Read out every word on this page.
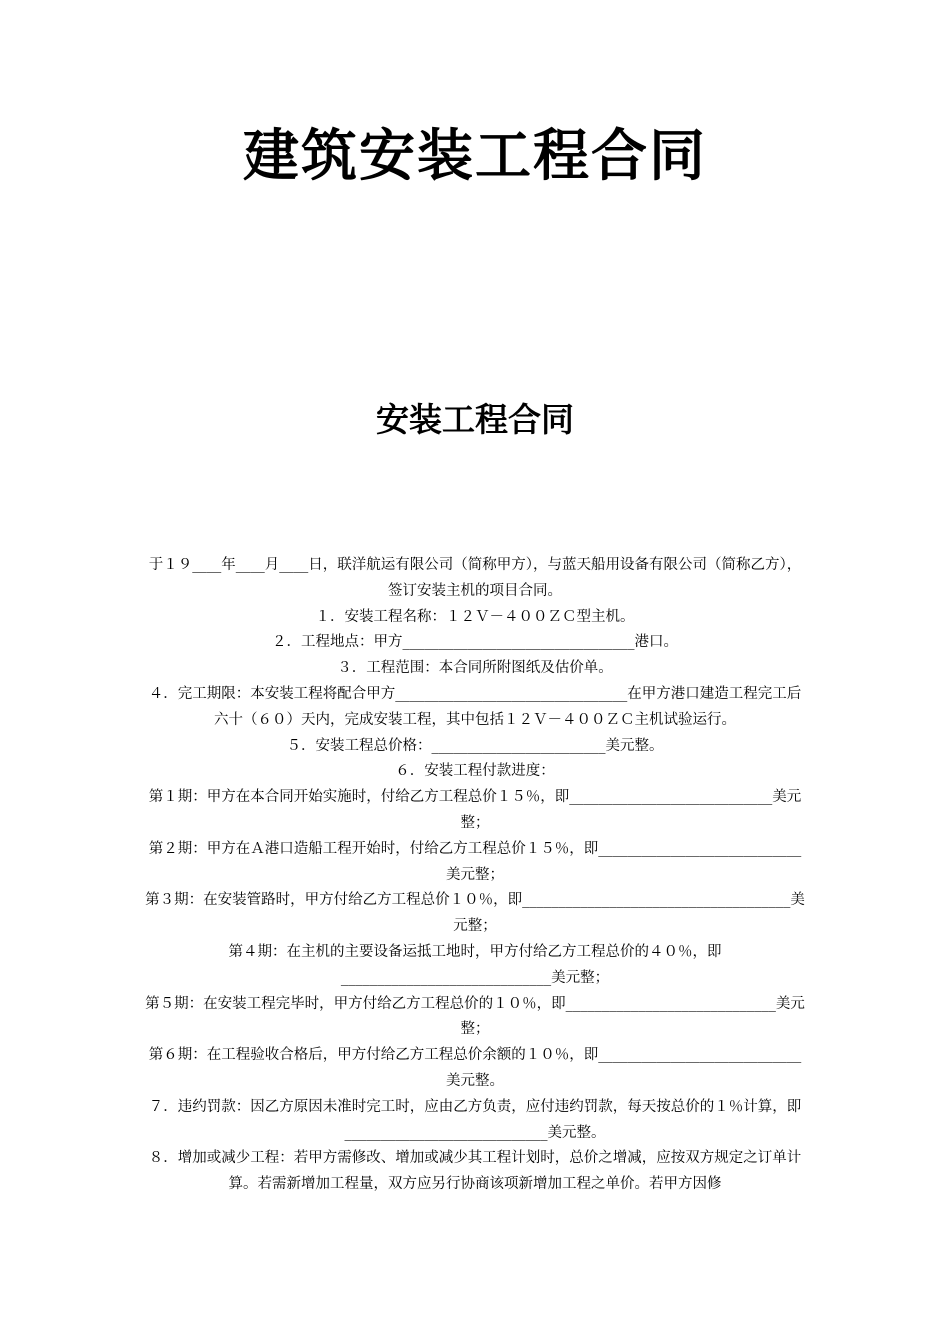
建筑安装工程合同
安装工程合同

于１９____年____月____日，联洋航运有限公司（简称甲方），与蓝天船用设备有限公司（简称乙方），签订安装主机的项目合同。

１．安装工程名称：１２Ｖ－４００ＺＣ型主机。

２．工程地点：甲方________________________________港口。

３．工程范围：本合同所附图纸及估价单。

４．完工期限：本安装工程将配合甲方________________________________在甲方港口建造工程完工后六十（６０）天内，完成安装工程，其中包括１２Ｖ－４００ＺＣ主机试验运行。

５．安装工程总价格：________________________美元整。

６．安装工程付款进度：

第１期：甲方在本合同开始实施时，付给乙方工程总价１５％，即____________________________美元整；

第２期：甲方在Ａ港口造船工程开始时，付给乙方工程总价１５％，即____________________________美元整；

第３期：在安装管路时，甲方付给乙方工程总价１０％，即_____________________________________美元整；

第４期：在主机的主要设备运抵工地时，甲方付给乙方工程总价的４０％，即_____________________________美元整；

第５期：在安装工程完毕时，甲方付给乙方工程总价的１０％，即_____________________________美元整；

第６期：在工程验收合格后，甲方付给乙方工程总价余额的１０％，即____________________________美元整。

７．违约罚款：因乙方原因未准时完工时，应由乙方负责，应付违约罚款，每天按总价的１％计算，即____________________________美元整。

８．增加或减少工程：若甲方需修改、增加或减少其工程计划时，总价之增减，应按双方规定之订单计算。若需新增加工程量，双方应另行协商该项新增加工程之单价。若甲方因修
